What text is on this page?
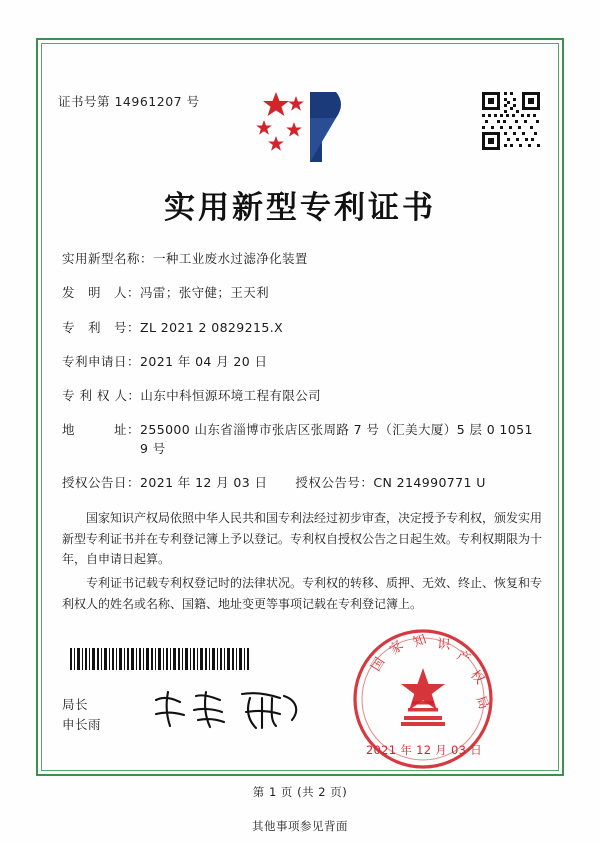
证书号第 14961207 号
实用新型专利证书
实用新型名称： 一种工业废水过滤净化装置
发　明　人： 冯雷；张守健；王天利
专　利　号： ZL 2021 2 0829215.X
专利申请日： 2021 年 04 月 20 日
专 利 权 人： 山东中科恒源环境工程有限公司
地　　　址： 255000 山东省淄博市张店区张周路 7 号（汇美大厦）5 层 0 10519 号
授权公告日： 2021 年 12 月 03 日 授权公告号： CN 214990771 U

国家知识产权局依照中华人民共和国专利法经过初步审查，决定授予专利权，颁发实用新型专利证书并在专利登记簿上予以登记。专利权自授权公告之日起生效。专利权期限为十年，自申请日起算。

专利证书记载专利权登记时的法律状况。专利权的转移、质押、无效、终止、恢复和专利权人的姓名或名称、国籍、地址变更等事项记载在专利登记簿上。

国
家 知 识
产
权
局
2021 年 12 月 03 日
局长
申长雨
第 1 页 (共 2 页)
其他事项参见背面
